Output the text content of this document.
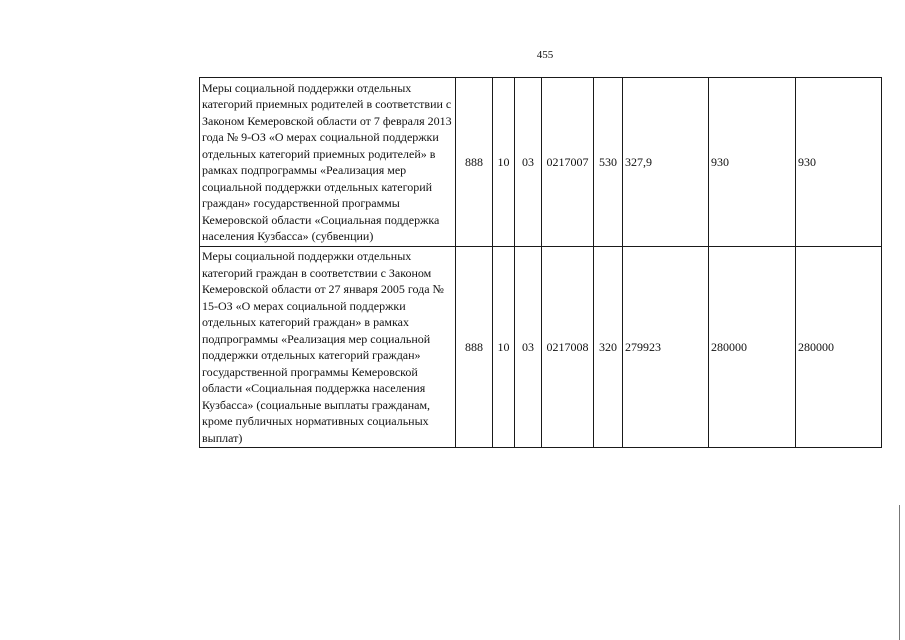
455
Меры социальной поддержки отдельных категорий приемных родителей в соответствии с Законом Кемеровской области от 7 февраля 2013 года № 9-ОЗ «О мерах социальной поддержки отдельных категорий приемных родителей» в рамках подпрограммы «Реализация мер социальной поддержки отдельных категорий граждан» государственной программы Кемеровской области «Социальная поддержка населения Кузбасса» (субвенции)	888	10	03	0217007	530	327,9	930	930
Меры социальной поддержки отдельных категорий граждан в соответствии с Законом Кемеровской области от 27 января 2005 года № 15-ОЗ «О мерах социальной поддержки отдельных категорий граждан» в рамках подпрограммы «Реализация мер социальной поддержки отдельных категорий граждан» государственной программы Кемеровской области «Социальная поддержка населения Кузбасса» (социальные выплаты гражданам, кроме публичных нормативных социальных выплат)	888	10	03	0217008	320	279923	280000	280000
